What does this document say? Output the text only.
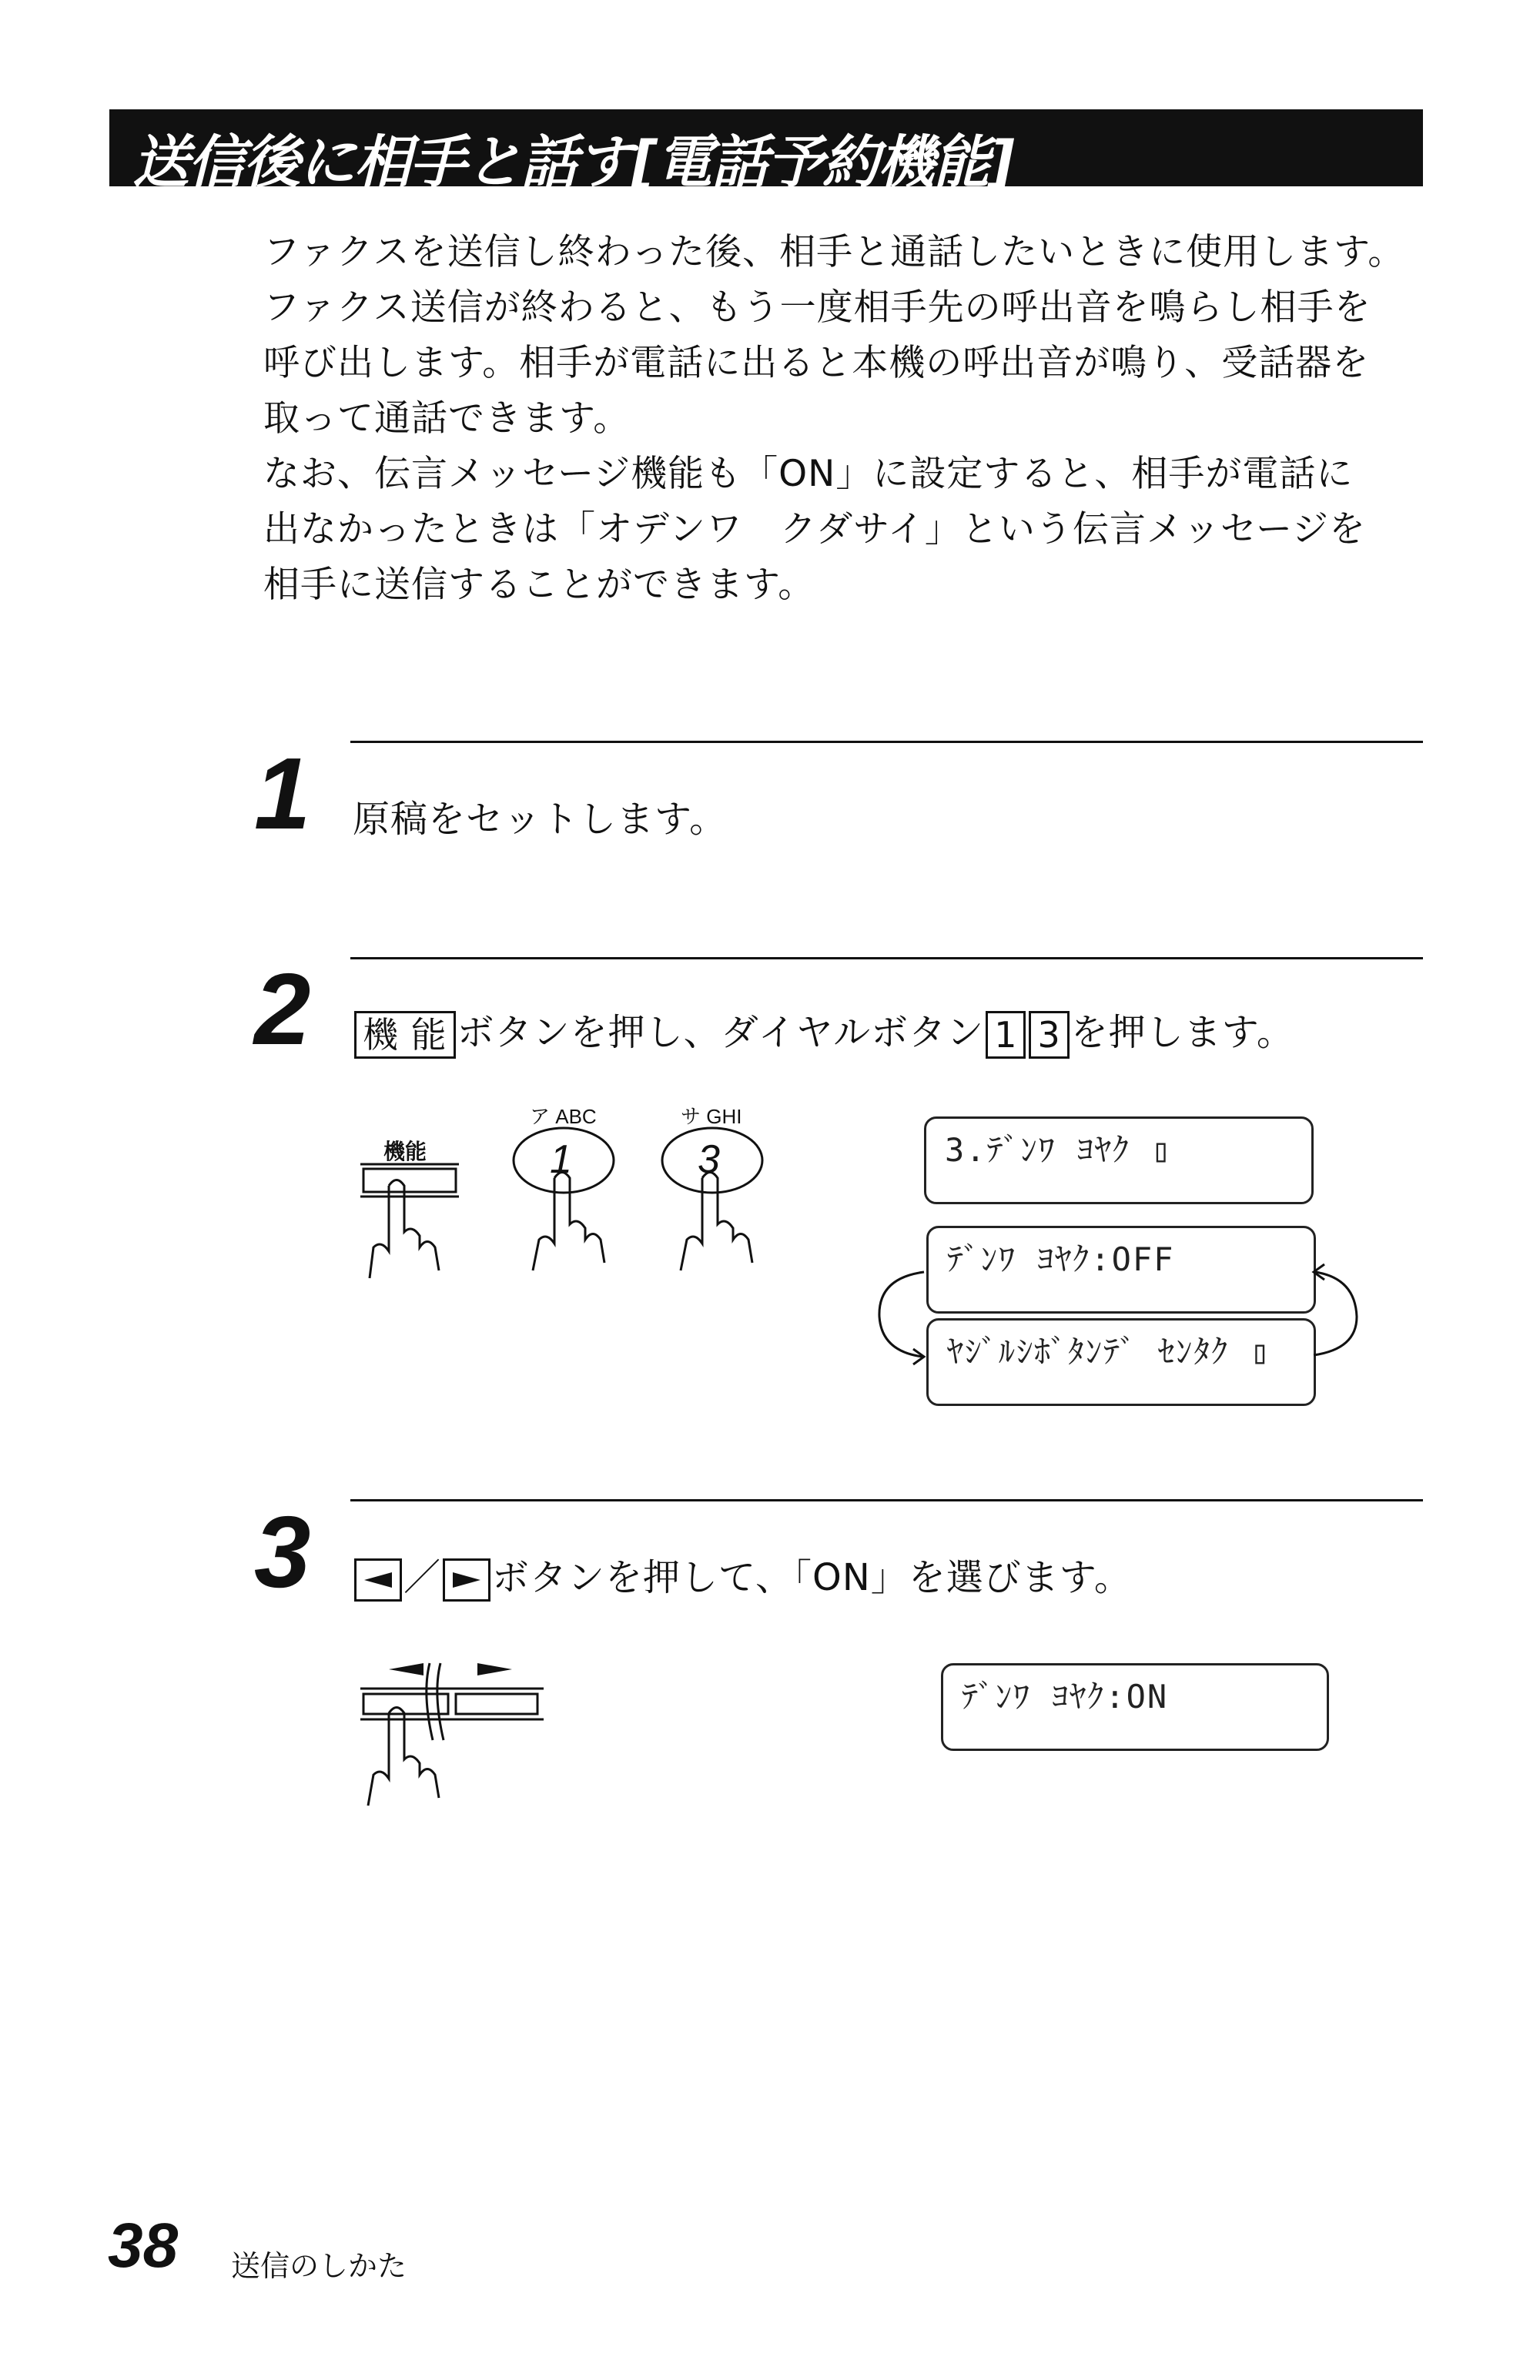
送信後に相手と話す[電話予約機能]

ファクスを送信し終わった後、相手と通話したいときに使用します。

ファクス送信が終わると、もう一度相手先の呼出音を鳴らし相手を

呼び出します。相手が電話に出ると本機の呼出音が鳴り、受話器を

取って通話できます。

なお、伝言メッセージ機能も「ON」に設定すると、相手が電話に

出なかったときは「オデンワ　クダサイ」という伝言メッセージを

相手に送信することができます。

1 原稿をセットします。
2 機 能 ボタンを押し、ダイヤルボタン 1 3 を押します。
機能
ア ABC
1
サ GHI
3	3.ﾃﾞﾝﾜ ﾖﾔｸ ▯
ﾃﾞﾝﾜ ﾖﾔｸ:OFF
ﾔｼﾞﾙｼﾎﾞﾀﾝﾃﾞ ｾﾝﾀｸ ▯
3	／ ボタンを押して、「ON」を選びます。
ﾃﾞﾝﾜ ﾖﾔｸ:ON
38 送信のしかた
